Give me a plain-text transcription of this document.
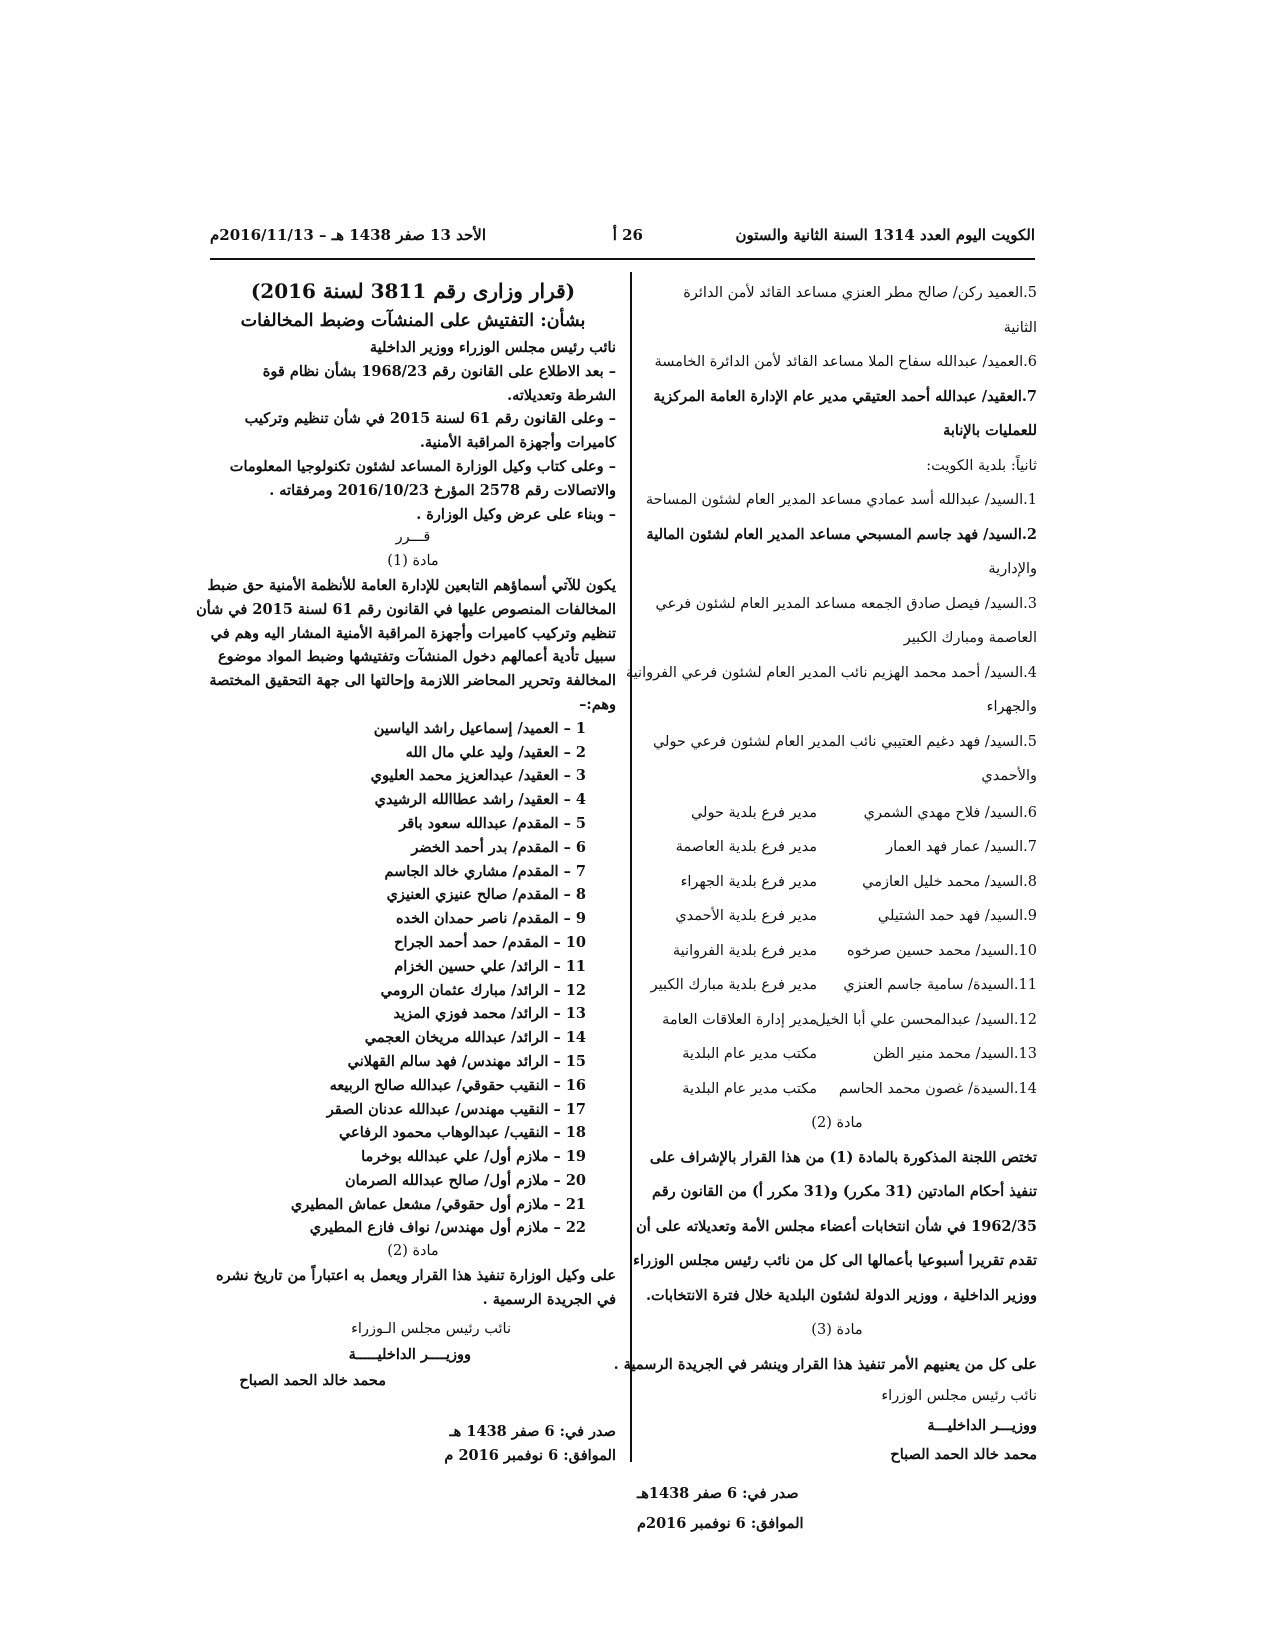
الكويت اليوم العدد 1314 السنة الثانية والستون
26 أ
الأحد 13 صفر 1438 هـ – 2016/11/13م
5.العميد ركن/ صالح مطر العنزي مساعد القائد لأمن الدائرة
الثانية
6.العميد/ عبدالله سفاح الملا مساعد القائد لأمن الدائرة الخامسة
7.العقيد/ عبدالله أحمد العتيقي مدير عام الإدارة العامة المركزية
للعمليات بالإنابة
ثانياً: بلدية الكويت:
1.السيد/ عبدالله أسد عمادي مساعد المدير العام لشئون المساحة
2.السيد/ فهد جاسم المسبحي مساعد المدير العام لشئون المالية
والإدارية
3.السيد/ فيصل صادق الجمعه مساعد المدير العام لشئون فرعي
العاصمة ومبارك الكبير
4.السيد/ أحمد محمد الهزيم نائب المدير العام لشئون فرعي الفروانية
والجهراء
5.السيد/ فهد دغيم العتيبي نائب المدير العام لشئون فرعي حولي
والأحمدي
6.السيد/ فلاح مهدي الشمري
مدير فرع بلدية حولي
7.السيد/ عمار فهد العمار
مدير فرع بلدية العاصمة
8.السيد/ محمد خليل العازمي
مدير فرع بلدية الجهراء
9.السيد/ فهد حمد الشتيلي
مدير فرع بلدية الأحمدي
10.السيد/ محمد حسين صرخوه
مدير فرع بلدية الفروانية
11.السيدة/ سامية جاسم العنزي
مدير فرع بلدية مبارك الكبير
12.السيد/ عبدالمحسن علي أبا الخيل
مدير إدارة العلاقات العامة
13.السيد/ محمد منير الظن
مكتب مدير عام البلدية
14.السيدة/ غصون محمد الحاسم
مكتب مدير عام البلدية
مادة (2)
تختص اللجنة المذكورة بالمادة (1) من هذا القرار بالإشراف على
تنفيذ أحكام المادتين (31 مكرر) و(31 مكرر أ) من القانون رقم
1962/35 في شأن انتخابات أعضاء مجلس الأمة وتعديلاته على أن
تقدم تقريرا أسبوعيا بأعمالها الى كل من نائب رئيس مجلس الوزراء
ووزير الداخلية ، ووزير الدولة لشئون البلدية خلال فترة الانتخابات.
مادة (3)
على كل من يعنيهم الأمر تنفيذ هذا القرار وينشر في الجريدة الرسمية .
نائب رئيس مجلس الوزراء
ووزيـــر الداخليـــة
محمد خالد الحمد الصباح
صدر في: 6 صفر 1438هـ
الموافق: 6 نوفمبر 2016م
(قرار وزارى رقم 3811 لسنة 2016)
بشأن: التفتيش على المنشآت وضبط المخالفات
نائب رئيس مجلس الوزراء ووزير الداخلية
– بعد الاطلاع على القانون رقم 1968/23 بشأن نظام قوة
الشرطة وتعديلاته.
– وعلى القانون رقم 61 لسنة 2015 في شأن تنظيم وتركيب
كاميرات وأجهزة المراقبة الأمنية.
– وعلى كتاب وكيل الوزارة المساعد لشئون تكنولوجيا المعلومات
والاتصالات رقم 2578 المؤرخ 2016/10/23 ومرفقاته .
– وبناء على عرض وكيل الوزارة .
قـــرر
مادة (1)
يكون للآتي أسماؤهم التابعين للإدارة العامة للأنظمة الأمنية حق ضبط
المخالفات المنصوص عليها في القانون رقم 61 لسنة 2015 في شأن
تنظيم وتركيب كاميرات وأجهزة المراقبة الأمنية المشار اليه وهم في
سبيل تأدية أعمالهم دخول المنشآت وتفتيشها وضبط المواد موضوع
المخالفة وتحرير المحاضر اللازمة وإحالتها الى جهة التحقيق المختصة
وهم:–
1 – العميد/ إسماعيل راشد الياسين
2 – العقيد/ وليد علي مال الله
3 – العقيد/ عبدالعزيز محمد العليوي
4 – العقيد/ راشد عطاالله الرشيدي
5 – المقدم/ عبدالله سعود باقر
6 – المقدم/ بدر أحمد الخضر
7 – المقدم/ مشاري خالد الجاسم
8 – المقدم/ صالح عنيزي العنيزي
9 – المقدم/ ناصر حمدان الخده
10 – المقدم/ حمد أحمد الجراح
11 – الرائد/ علي حسين الخزام
12 – الرائد/ مبارك عثمان الرومي
13 – الرائد/ محمد فوزي المزيد
14 – الرائد/ عبدالله مريخان العجمي
15 – الرائد مهندس/ فهد سالم القهلاني
16 – النقيب حقوقي/ عبدالله صالح الربيعه
17 – النقيب مهندس/ عبدالله عدنان الصقر
18 – النقيب/ عبدالوهاب محمود الرفاعي
19 – ملازم أول/ علي عبدالله بوخرما
20 – ملازم أول/ صالح عبدالله الصرمان
21 – ملازم أول حقوقي/ مشعل عماش المطيري
22 – ملازم أول مهندس/ نواف فازع المطيري
مادة (2)
على وكيل الوزارة تنفيذ هذا القرار ويعمل به اعتباراً من تاريخ نشره
في الجريدة الرسمية .
نائب رئيس مجلس الـوزراء
ووزيــــر الداخليـــــة
محمد خالد الحمد الصباح
صدر في: 6 صفر 1438 هـ
الموافق: 6 نوفمبر 2016 م
